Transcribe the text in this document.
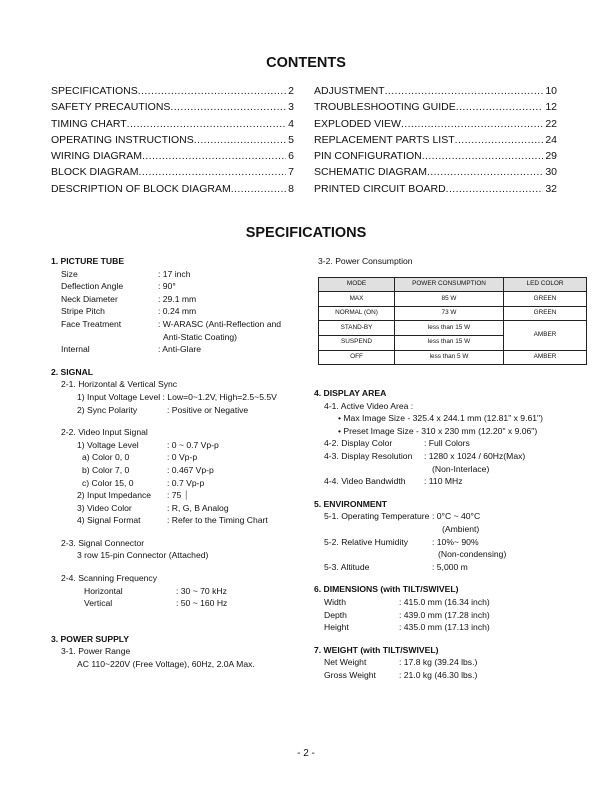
CONTENTS
SPECIFICATIONS .....	2
SAFETY PRECAUTIONS .....	3
TIMING CHART .....	4
OPERATING INSTRUCTIONS .....	5
WIRING DIAGRAM .....	6
BLOCK DIAGRAM .....	7
DESCRIPTION OF BLOCK DIAGRAM .....	8
ADJUSTMENT .....	10
TROUBLESHOOTING GUIDE .....	12
EXPLODED VIEW .....	22
REPLACEMENT PARTS LIST .....	24
PIN CONFIGURATION .....	29
SCHEMATIC DIAGRAM .....	30
PRINTED CIRCUIT BOARD .....	32
SPECIFICATIONS
1. PICTURE TUBE
Size	: 17 inch
Deflection Angle	: 90°
Neck Diameter	: 29.1 mm
Stripe Pitch	: 0.24 mm
Face Treatment	: W-ARASC (Anti-Reflection and
Anti-Static Coating)
Internal	: Anti-Glare
2. SIGNAL
2-1. Horizontal & Vertical Sync
1) Input Voltage Level : Low=0~1.2V, High=2.5~5.5V
2) Sync Polarity	: Positive or Negative
2-2. Video Input Signal
1) Voltage Level	: 0 ~ 0.7 Vp-p
a) Color 0, 0	: 0 Vp-p
b) Color 7, 0	: 0.467 Vp-p
c) Color 15, 0	: 0.7 Vp-p
2) Input Impedance : 75 ⏐
3) Video Color	: R, G, B Analog
4) Signal Format	: Refer to the Timing Chart
2-3. Signal Connector
3 row 15-pin Connector (Attached)
2-4. Scanning Frequency
Horizontal	: 30 ~ 70 kHz
Vertical	: 50 ~ 160 Hz
3. POWER SUPPLY
3-1. Power Range
AC 110~220V (Free Voltage), 60Hz, 2.0A Max.
3-2. Power Consumption
MODE	POWER CONSUMPTION	LED COLOR
MAX	85 W	GREEN
NORMAL (ON)	73 W	GREEN
STAND-BY	less than 15 W	AMBER
SUSPEND	less than 15 W	
OFF	less than 5 W	AMBER
4. DISPLAY AREA
4-1. Active Video Area :
• Max Image Size - 325.4 x 244.1 mm (12.81" x 9.61")
• Preset Image Size - 310 x 230 mm (12.20" x 9.06")
4-2. Display Color	: Full Colors
4-3. Display Resolution : 1280 x 1024 / 60Hz(Max)
(Non-Interlace)
4-4. Video Bandwidth : 110 MHz
5. ENVIRONMENT
5-1. Operating Temperature : 0°C ~ 40°C
(Ambient)
5-2. Relative Humidity	: 10%~ 90%
(Non-condensing)
5-3. Altitude	: 5,000 m
6. DIMENSIONS (with TILT/SWIVEL)
Width	: 415.0 mm (16.34 inch)
Depth	: 439.0 mm (17.28 inch)
Height	: 435.0 mm (17.13 inch)
7. WEIGHT (with TILT/SWIVEL)
Net Weight	: 17.8 kg (39.24 lbs.)
Gross Weight	: 21.0 kg (46.30 lbs.)
- 2 -
